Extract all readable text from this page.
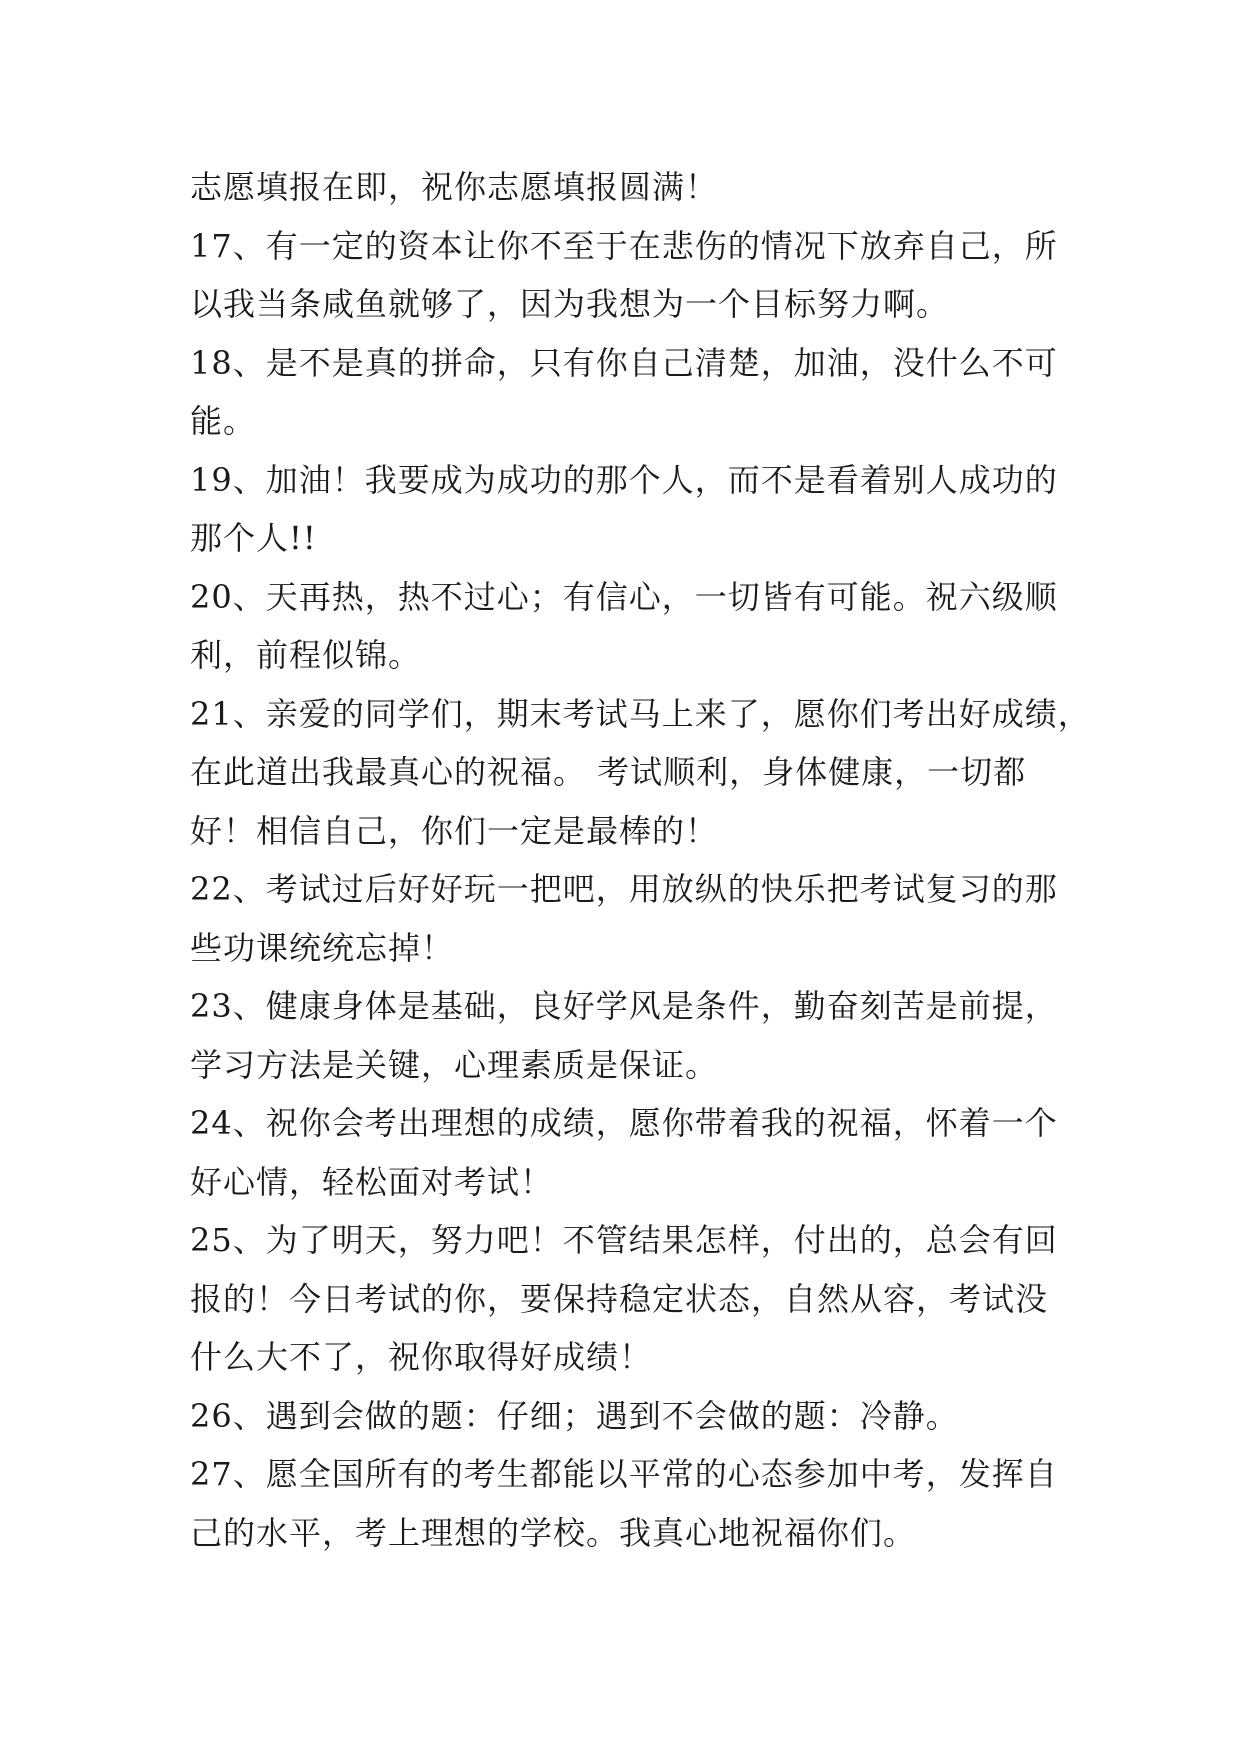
志愿填报在即，祝你志愿填报圆满！
17、有一定的资本让你不至于在悲伤的情况下放弃自己，所
以我当条咸鱼就够了，因为我想为一个目标努力啊。
18、是不是真的拼命，只有你自己清楚，加油，没什么不可
能。
19、加油！我要成为成功的那个人，而不是看着别人成功的
那个人!!
20、天再热，热不过心；有信心，一切皆有可能。祝六级顺
利，前程似锦。
21、亲爱的同学们，期末考试马上来了，愿你们考出好成绩，
在此道出我最真心的祝福。 考试顺利，身体健康，一切都
好！相信自己，你们一定是最棒的！
22、考试过后好好玩一把吧，用放纵的快乐把考试复习的那
些功课统统忘掉！
23、健康身体是基础，良好学风是条件，勤奋刻苦是前提，
学习方法是关键，心理素质是保证。
24、祝你会考出理想的成绩，愿你带着我的祝福，怀着一个
好心情，轻松面对考试！
25、为了明天，努力吧！不管结果怎样，付出的，总会有回
报的！今日考试的你，要保持稳定状态，自然从容，考试没
什么大不了，祝你取得好成绩！
26、遇到会做的题：仔细；遇到不会做的题：冷静。
27、愿全国所有的考生都能以平常的心态参加中考，发挥自
己的水平，考上理想的学校。我真心地祝福你们。
